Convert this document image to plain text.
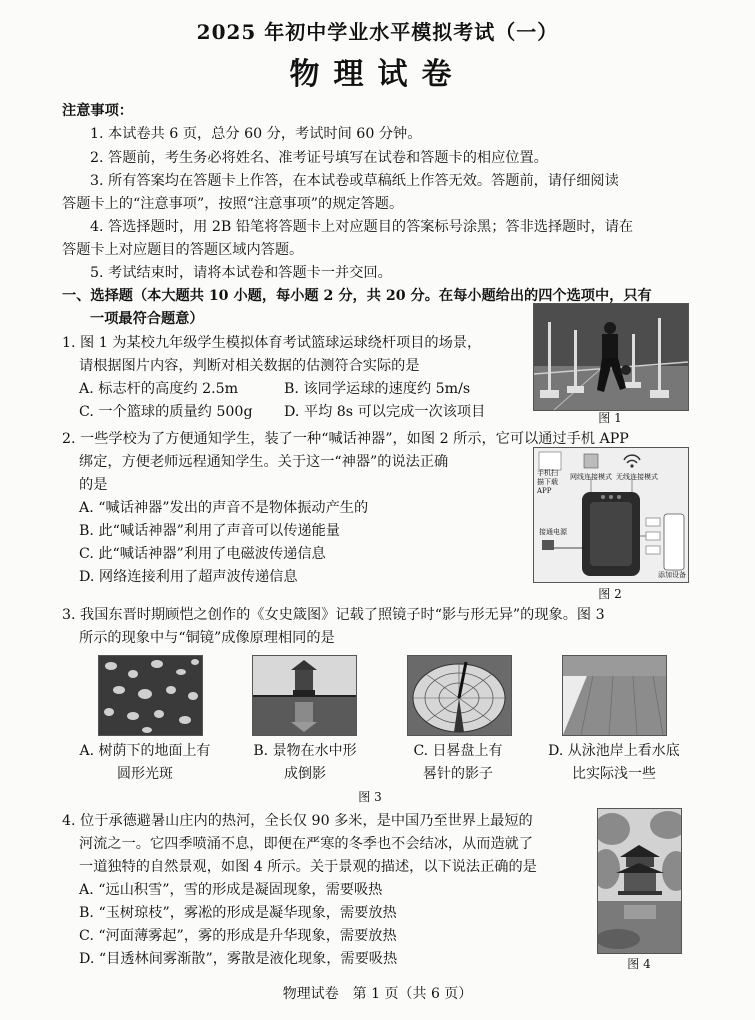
2025 年初中学业水平模拟考试（一）
物理试卷
注意事项：
1. 本试卷共 6 页，总分 60 分，考试时间 60 分钟。
2. 答题前，考生务必将姓名、准考证号填写在试卷和答题卡的相应位置。
3. 所有答案均在答题卡上作答，在本试卷或草稿纸上作答无效。答题前，请仔细阅读
答题卡上的“注意事项”，按照“注意事项”的规定答题。
4. 答选择题时，用 2B 铅笔将答题卡上对应题目的答案标号涂黑；答非选择题时，请在
答题卡上对应题目的答题区域内答题。
5. 考试结束时，请将本试卷和答题卡一并交回。
一、选择题（本大题共 10 小题，每小题 2 分，共 20 分。在每小题给出的四个选项中，只有
一项最符合题意）
1. 图 1 为某校九年级学生模拟体育考试篮球运球绕杆项目的场景，
请根据图片内容，判断对相关数据的估测符合实际的是
A. 标志杆的高度约 2.5m	B. 该同学运球的速度约 5m/s
C. 一个篮球的质量约 500g D. 平均 8s 可以完成一次该项目	图 1
2. 一些学校为了方便通知学生，装了一种“喊话神器”，如图 2 所示，它可以通过手机 APP
绑定，方便老师远程通知学生。关于这一“神器”的说法正确
的是
A. “喊话神器”发出的声音不是物体振动产生的
B. 此“喊话神器”利用了声音可以传递能量
C. 此“喊话神器”利用了电磁波传递信息
D. 网络连接利用了超声波传递信息
手机扫描下载APP
网线连接模式 无线连接模式
接通电源
添加设备
图 2
3. 我国东晋时期顾恺之创作的《女史箴图》记载了照镜子时“影与形无异”的现象。图 3
所示的现象中与“铜镜”成像原理相同的是
A. 树荫下的地面上有圆形光斑
B. 景物在水中形成倒影
C. 日晷盘上有晷针的影子
D. 从泳池岸上看水底比实际浅一些
图 3
4. 位于承德避暑山庄内的热河，全长仅 90 多米，是中国乃至世界上最短的
河流之一。它四季喷涌不息，即便在严寒的冬季也不会结冰，从而造就了
一道独特的自然景观，如图 4 所示。关于景观的描述，以下说法正确的是
A. “远山积雪”，雪的形成是凝固现象，需要吸热
B. “玉树琼枝”，雾凇的形成是凝华现象，需要放热
C. “河面薄雾起”，雾的形成是升华现象，需要放热
D. “目透林间雾渐散”，雾散是液化现象，需要吸热	图 4
物理试卷　第 1 页（共 6 页）
